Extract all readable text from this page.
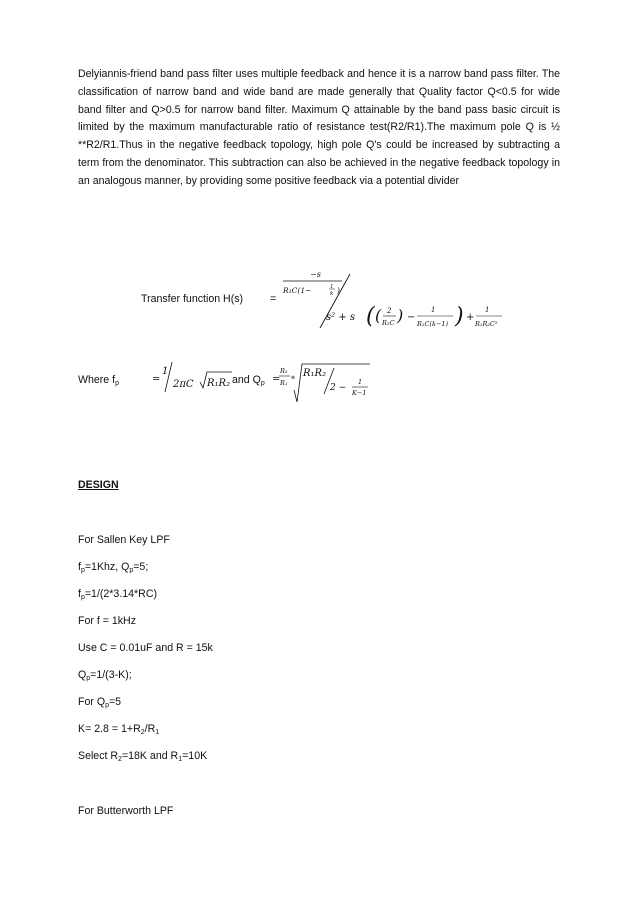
Delyiannis-friend band pass filter uses multiple feedback and hence it is a narrow band pass filter. The classification of narrow band and wide band are made generally that Quality factor Q<0.5 for wide band filter and Q>0.5 for narrow band filter. Maximum Q attainable by the band pass basic circuit is limited by the maximum manufacturable ratio of resistance test(R2/R1).The maximum pole Q is ½ **R2/R1.Thus in the negative feedback topology, high pole Q's could be increased by subtracting a term from the denominator. This subtraction can also be achieved in the negative feedback topology in an analogous manner, by providing some positive feedback via a potential divider
Transfer function H(s)	=
−s
R₁C(1−	1
k )
s² + s ( ( 2
R₂C ) −
1
R₁C(k−1) ) +
1
R₁R₂C²
Where $f_p$	=
1
2πC R₁R₂ and $Q_p$ =
R₂
R₁ *
R₁R₂
2 −
1
K−1
DESIGN
For Sallen Key LPF
$f_p=1Khz$, $Q_p=5$;
$f_p=1/(2*3.14*RC)$
For f = 1kHz
Use C = 0.01uF and R = 15k
$Q_p=1/(3-K)$;
For $Q_p=5$
$K= 2.8 = 1+R_2/R_1$
Select $R_2=18K$ and $R_1=10K$
For Butterworth LPF
